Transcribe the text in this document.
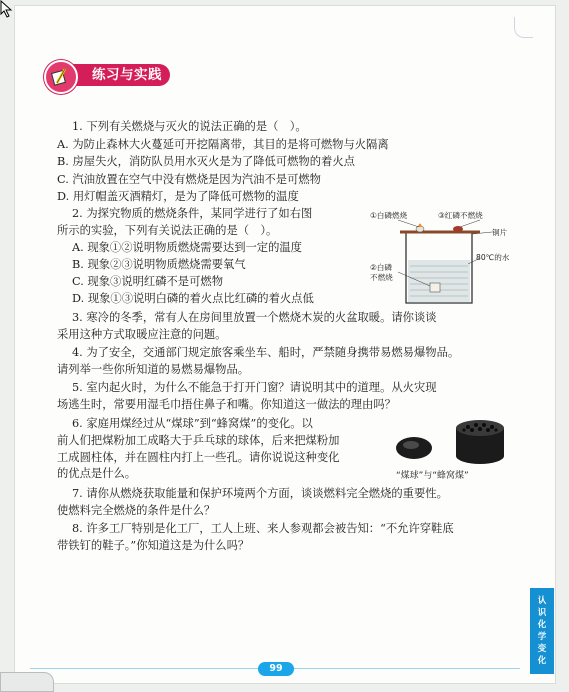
练习与实践
1. 下列有关燃烧与灭火的说法正确的是（　）。
A. 为防止森林大火蔓延可开挖隔离带，其目的是将可燃物与火隔离
B. 房屋失火，消防队员用水灭火是为了降低可燃物的着火点
C. 汽油放置在空气中没有燃烧是因为汽油不是可燃物
D. 用灯帽盖灭酒精灯，是为了降低可燃物的温度
2. 为探究物质的燃烧条件，某同学进行了如右图
所示的实验，下列有关说法正确的是（　）。
A. 现象①②说明物质燃烧需要达到一定的温度
B. 现象②③说明物质燃烧需要氧气
C. 现象③说明红磷不是可燃物
D. 现象①③说明白磷的着火点比红磷的着火点低
①白磷燃烧	③红磷不燃烧
铜片
80℃的水
②白磷
不燃烧
3. 寒冷的冬季，常有人在房间里放置一个燃烧木炭的火盆取暖。请你谈谈
采用这种方式取暖应注意的问题。
4. 为了安全，交通部门规定旅客乘坐车、船时，严禁随身携带易燃易爆物品。
请列举一些你所知道的易燃易爆物品。
5. 室内起火时，为什么不能急于打开门窗？请说明其中的道理。从火灾现
场逃生时，常要用湿毛巾捂住鼻子和嘴。你知道这一做法的理由吗？
6. 家庭用煤经过从“煤球”到“蜂窝煤”的变化。以
前人们把煤粉加工成略大于乒乓球的球体，后来把煤粉加
工成圆柱体，并在圆柱内打上一些孔。请你说说这种变化
的优点是什么。	“煤球”与“蜂窝煤”
7. 请你从燃烧获取能量和保护环境两个方面，谈谈燃料完全燃烧的重要性。
使燃料完全燃烧的条件是什么？
8. 许多工厂特别是化工厂，工人上班、来人参观都会被告知：“不允许穿鞋底
带铁钉的鞋子。”你知道这是为什么吗？
认
识
化
学
变
化
99
